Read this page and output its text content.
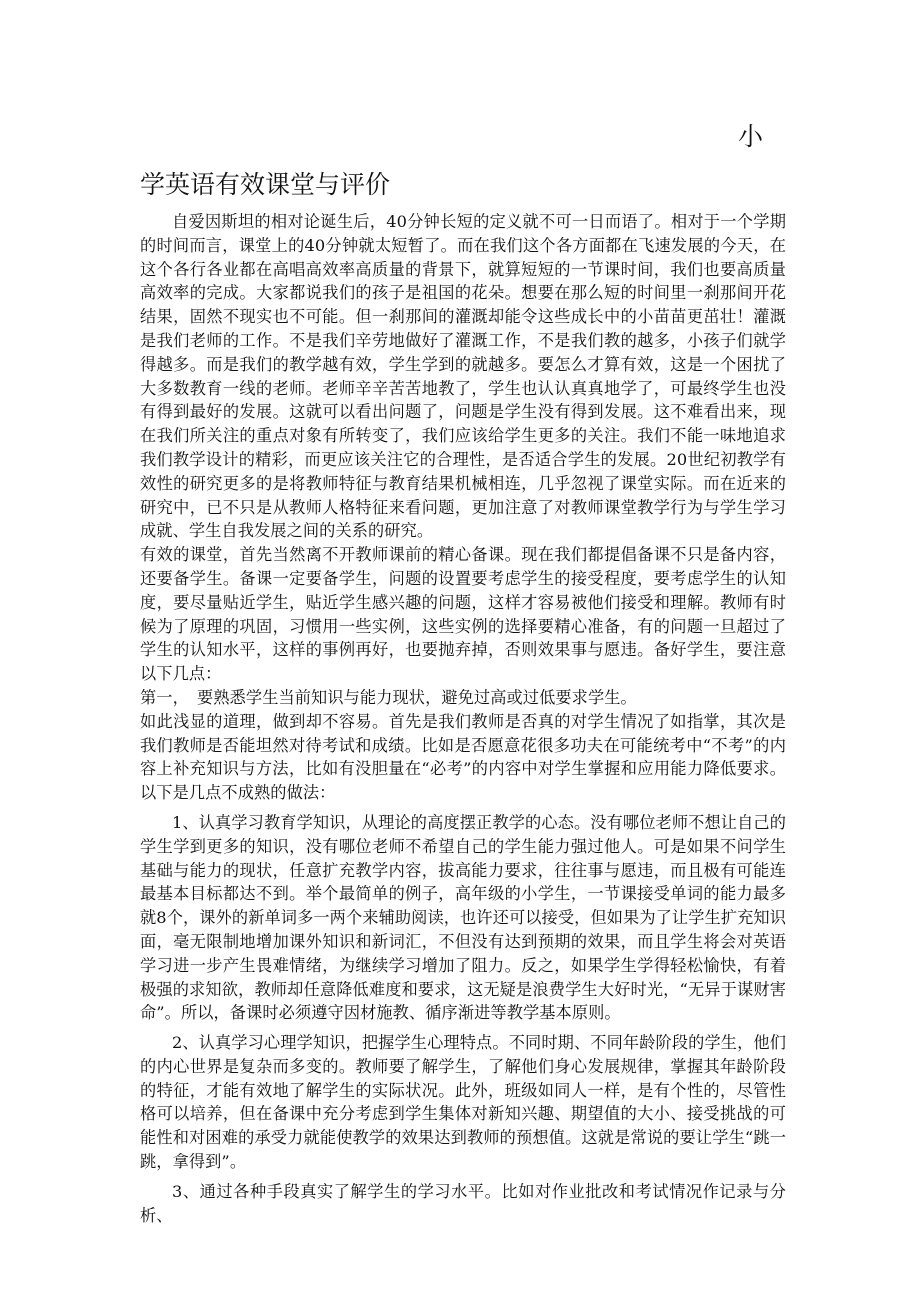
小
学英语有效课堂与评价

自爱因斯坦的相对论诞生后，40分钟长短的定义就不可一日而语了。相对于一个学期的时间而言，课堂上的40分钟就太短暂了。而在我们这个各方面都在飞速发展的今天，在这个各行各业都在高唱高效率高质量的背景下，就算短短的一节课时间，我们也要高质量高效率的完成。大家都说我们的孩子是祖国的花朵。想要在那么短的时间里一刹那间开花结果，固然不现实也不可能。但一刹那间的灌溉却能令这些成长中的小苗苗更茁壮！灌溉是我们老师的工作。不是我们辛劳地做好了灌溉工作，不是我们教的越多，小孩子们就学得越多。而是我们的教学越有效，学生学到的就越多。要怎么才算有效，这是一个困扰了大多数教育一线的老师。老师辛辛苦苦地教了，学生也认认真真地学了，可最终学生也没有得到最好的发展。这就可以看出问题了，问题是学生没有得到发展。这不难看出来，现在我们所关注的重点对象有所转变了，我们应该给学生更多的关注。我们不能一味地追求我们教学设计的精彩，而更应该关注它的合理性，是否适合学生的发展。20世纪初教学有效性的研究更多的是将教师特征与教育结果机械相连，几乎忽视了课堂实际。而在近来的研究中，已不只是从教师人格特征来看问题，更加注意了对教师课堂教学行为与学生学习成就、学生自我发展之间的关系的研究。

有效的课堂，首先当然离不开教师课前的精心备课。现在我们都提倡备课不只是备内容，还要备学生。备课一定要备学生，问题的设置要考虑学生的接受程度，要考虑学生的认知度，要尽量贴近学生，贴近学生感兴趣的问题，这样才容易被他们接受和理解。教师有时候为了原理的巩固，习惯用一些实例，这些实例的选择要精心准备，有的问题一旦超过了学生的认知水平，这样的事例再好，也要抛弃掉，否则效果事与愿违。备好学生，要注意以下几点：

第一，　要熟悉学生当前知识与能力现状，避免过高或过低要求学生。

如此浅显的道理，做到却不容易。首先是我们教师是否真的对学生情况了如指掌，其次是我们教师是否能坦然对待考试和成绩。比如是否愿意花很多功夫在可能统考中“不考”的内容上补充知识与方法，比如有没胆量在“必考”的内容中对学生掌握和应用能力降低要求。以下是几点不成熟的做法：

1、认真学习教育学知识，从理论的高度摆正教学的心态。没有哪位老师不想让自己的学生学到更多的知识，没有哪位老师不希望自己的学生能力强过他人。可是如果不问学生基础与能力的现状，任意扩充教学内容，拔高能力要求，往往事与愿违，而且极有可能连最基本目标都达不到。举个最简单的例子，高年级的小学生，一节课接受单词的能力最多就8个，课外的新单词多一两个来辅助阅读，也许还可以接受，但如果为了让学生扩充知识面，毫无限制地增加课外知识和新词汇，不但没有达到预期的效果，而且学生将会对英语学习进一步产生畏难情绪，为继续学习增加了阻力。反之，如果学生学得轻松愉快，有着极强的求知欲，教师却任意降低难度和要求，这无疑是浪费学生大好时光，“无异于谋财害命”。所以，备课时必须遵守因材施教、循序渐进等教学基本原则。

2、认真学习心理学知识，把握学生心理特点。不同时期、不同年龄阶段的学生，他们的内心世界是复杂而多变的。教师要了解学生，了解他们身心发展规律，掌握其年龄阶段的特征，才能有效地了解学生的实际状况。此外，班级如同人一样，是有个性的，尽管性格可以培养，但在备课中充分考虑到学生集体对新知兴趣、期望值的大小、接受挑战的可能性和对困难的承受力就能使教学的效果达到教师的预想值。这就是常说的要让学生“跳一跳，拿得到”。

3、通过各种手段真实了解学生的学习水平。比如对作业批改和考试情况作记录与分析、
